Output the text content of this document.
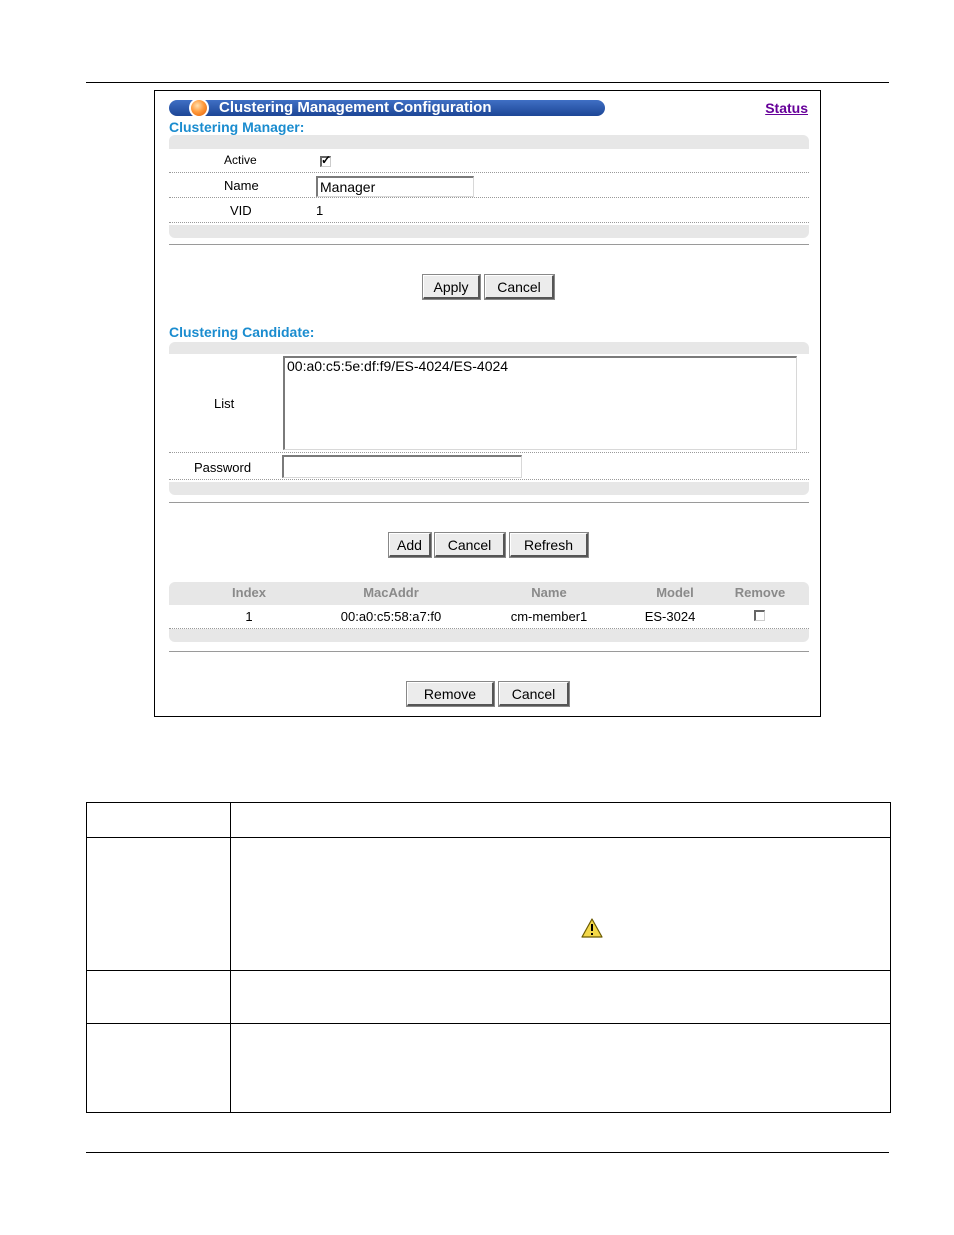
Clustering Management Configuration	Status
Clustering Manager:
Active	✓
Name	Manager
VID	1
Apply	Cancel
Clustering Candidate:
List
00:a0:c5:5e:df:f9/ES-4024/ES-4024
Password
Add	Cancel	Refresh
Index	MacAddr	Name	Model	Remove
1	00:a0:c5:58:a7:f0	cm-member1	ES-3024
Remove	Cancel
